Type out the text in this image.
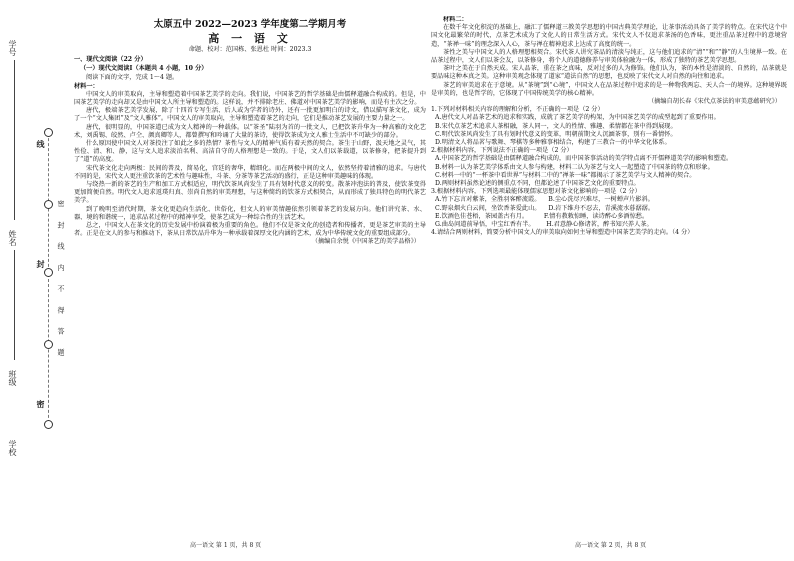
学号
姓名
班级
学校
线
封
密
密 封 线 内 不 得 答 题
太原五中 2022—2023 学年度第二学期月考
高 一 语 文
命题、校对：范国栋、张恩杜 时间：2023.3

一、现代文阅读（22 分）

（一）现代文阅读Ⅰ（本题共 4 小题，10 分）

阅读下面的文字，完成 1～4 题。

材料一：

中国文人的审美取向，主导和塑造着中国茶艺美学的走向。我们说，中国茶艺的哲学基础是由儒释道融合构成的。但是，中国茶艺美学的走向却又是由中国文人所主导和塑造的。这样说，并不排除老庄、佛道对中国茶艺美学的影响，而是有主次之分。

唐代，极端茶艺美学发展，除了十四首专写生活、后人或为学者的诗外，还有一批更加明白的诗文，借以描写茶文化，成为了一个“文人集团”及“文人雅体”。中国文人的审美取向，主导和塑造着茶艺的走向，它们是推动茶艺发展的主要力量之一。

唐代，很明显的，中国茶道已成为文人精神的一种载体。以“茶圣”陆羽为首的一批文人，已把饮茶升华为一种高雅的文化艺术，刘禹锡、皎然、卢仝、颜真卿等人，都曾撰写和吟诵了大量的茶诗，使得饮茶成为文人雅士生活中不可缺少的部分。

什么原因使中国文人对茶投注了如此之多的热情？茶性与文人的精神气质有着天然的契合。茶生于山野，汲天地之灵气，其性俭、清、和、静，这与文人追求淡泊名利、高洁自守的人格理想是一致的。于是，文人们以茶载道，以茶修身，把茶提升到了“道”的高度。

宋代茶文化走向两极：民间的普及，简易化，宫廷的奢华，精细化。而在两极中间的文人，依然坚持着清雅的追求。与唐代不同的是，宋代文人更注重饮茶的艺术性与趣味性，斗茶、分茶等茶艺活动的盛行，正是这种审美趣味的体现。

与绕热一新的茶艺的生产和加工方式相适应，明代饮茶风尚发生了具有划时代意义的转变。散茶冲泡法的普及，使饮茶变得更加简便自然。明代文人追求返璞归真、崇尚自然的审美理想，与这种简约的饮茶方式相契合，从而形成了独具特色的明代茶艺美学。

到了晚明至清代时期，茶文化更趋向生活化、世俗化，但文人的审美情趣依然引领着茶艺的发展方向。他们讲究茶、水、器、境的和谐统一，追求品茗过程中的精神享受，使茶艺成为一种综合性的生活艺术。

总之，中国文人在茶文化的历史发展中扮演着极为重要的角色。他们不仅是茶文化的创造者和传播者，更是茶艺审美的主导者。正是在文人的参与和推动下，茶从日常饮品升华为一种承载着深厚文化内涵的艺术，成为中华传统文化的重要组成部分。

（摘编自余悦《中国茶艺的美学品格》）

高一语文 第 1 页，共 8 页

材料二：

在数千年文化积淀的基础上，融汇了儒释道三教美学思想的中国古典美学理论，让茶事活动具备了美学的特点。在宋代这个中国文化最繁荣的时代，点茶艺术成为了文化人的日常生活方式。宋代文人不仅追求茶汤的色香味，更注重品茶过程中的意境营造，“茶禅一味”的理念深入人心，茶与禅在精神追求上达成了高度的统一。

茶性之美与中国文人的人格理想相契合。宋代茶人讲究茶品的清淡与纯正，这与他们追求的“清”“和”“静”的人生境界一致。在品茶过程中，文人们以茶会友，以茶修身，将个人的道德修养与审美体验融为一体，形成了独特的茶艺美学思想。

茶叶之美在于自然天成。宋人品茶，重在茶之真味，反对过多的人为修饰。他们认为，茶的本性是清淡的、自然的，品茶就是要品味这种本真之美。这种审美观念体现了道家“道法自然”的思想，也反映了宋代文人对自然的向往和追求。

茶艺的审美追求在于意境。从“茶境”到“心境”，中国文人在品茶过程中追求的是一种物我两忘、天人合一的境界。这种境界既是审美的，也是哲学的，它体现了中国传统美学的核心精神。

（摘编自胡长春《宋代点茶法的审美意蕴研究》）

1.下列对材料相关内容的理解和分析，不正确的一项是（2 分）

A.唐代文人对品茶艺术的追求和实践，成就了茶艺美学的构架，为中国茶艺美学的成型起到了重要作用。

B.宋代点茶艺术追求人茶相融，茶人同一，文人的性情、雅趣、柔情都在茶中得到展现。

C.明代饮茶风尚发生了具有划时代意义的变革，明朝前期文人沉湎茶事，别有一番情怀。

D.明清文人将品茗与歌舞、琴棋等多种雅事相结合，构建了三教合一的中华文化体系。

2.根据材料内容，下列说法不正确的一项是（2 分）

A.中国茶艺的哲学基础是由儒释道融合构成的，而中国茶事活动的美学特点离不开儒释道美学的影响和塑造。

B.材料一认为茶艺美学体系由文人参与构建，材料二认为茶艺与文人一起塑造了中国茶的特点和形象。

C.材料一中的“一杯茶中看世界”与材料二中的“禅茶一味”都揭示了茶艺美学与文人精神的契合。

D.两则材料虽然论述的侧重点不同，但都论述了中国茶艺文化的重要特点。

3.根据材料内容，下列选项最能体现儒家思想对茶文化影响的一项是（2 分）

A.竹下忘言对紫茶，全胜羽客醉流霞。    B.尘心洗尽兴难尽，一树蝉声片影斜。

C.野泉烟火白云间，坐饮香茶爱此山。    D.岩下维舟不忍去，青溪流水暮潺潺。

E.饮酒色佳苍梧，茶园盖古有月。        F.情有教敕惊睡，读诗醉心多酒惊愁。

G.曲岛问道前导悟，中宝红香有半。      H.君意静心修诸茗，醉书知兴养人茶。

4.请结合两则材料，简要分析中国文人的审美取向如何主导和塑造中国茶艺美学的走向。（4 分）

高一语文 第 2 页，共 8 页
